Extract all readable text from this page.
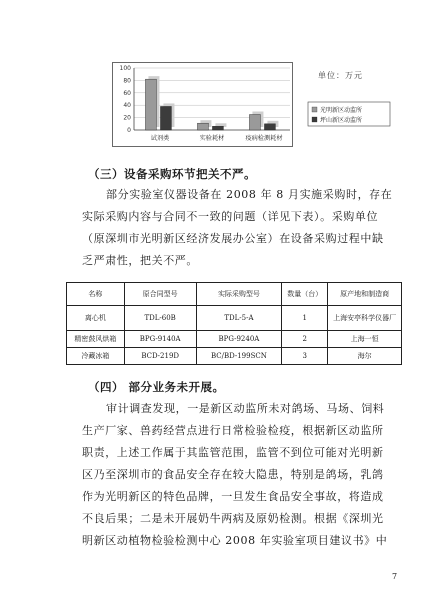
0
20
40
60
80
100
试剂类	实验耗材	疫病检测耗材
光明新区动监所
坪山新区动监所
单位：万元
（三）设备采购环节把关不严。
部分实验室仪器设备在 2008 年 8 月实施采购时，存在
实际采购内容与合同不一致的问题（详见下表）。采购单位
（原深圳市光明新区经济发展办公室）在设备采购过程中缺
乏严肃性，把关不严。
名称	原合同型号	实际采购型号	数量（台）	原产地和制造商
离心机	TDL-60B	TDL-5-A	1	上海安亭科学仪器厂
精密鼓风烘箱	BPG-9140A	BPG-9240A	2	上海一恒
冷藏冰箱	BCD-219D	BC/BD-199SCN	3	海尔
（四） 部分业务未开展。
审计调查发现，一是新区动监所未对鸽场、马场、饲料
生产厂家、兽药经营点进行日常检验检疫，根据新区动监所
职责，上述工作属于其监管范围，监管不到位可能对光明新
区乃至深圳市的食品安全存在较大隐患，特别是鸽场，乳鸽
作为光明新区的特色品牌，一旦发生食品安全事故，将造成
不良后果；二是未开展奶牛两病及原奶检测。根据《深圳光
明新区动植物检验检测中心 2008 年实验室项目建议书》中
7
